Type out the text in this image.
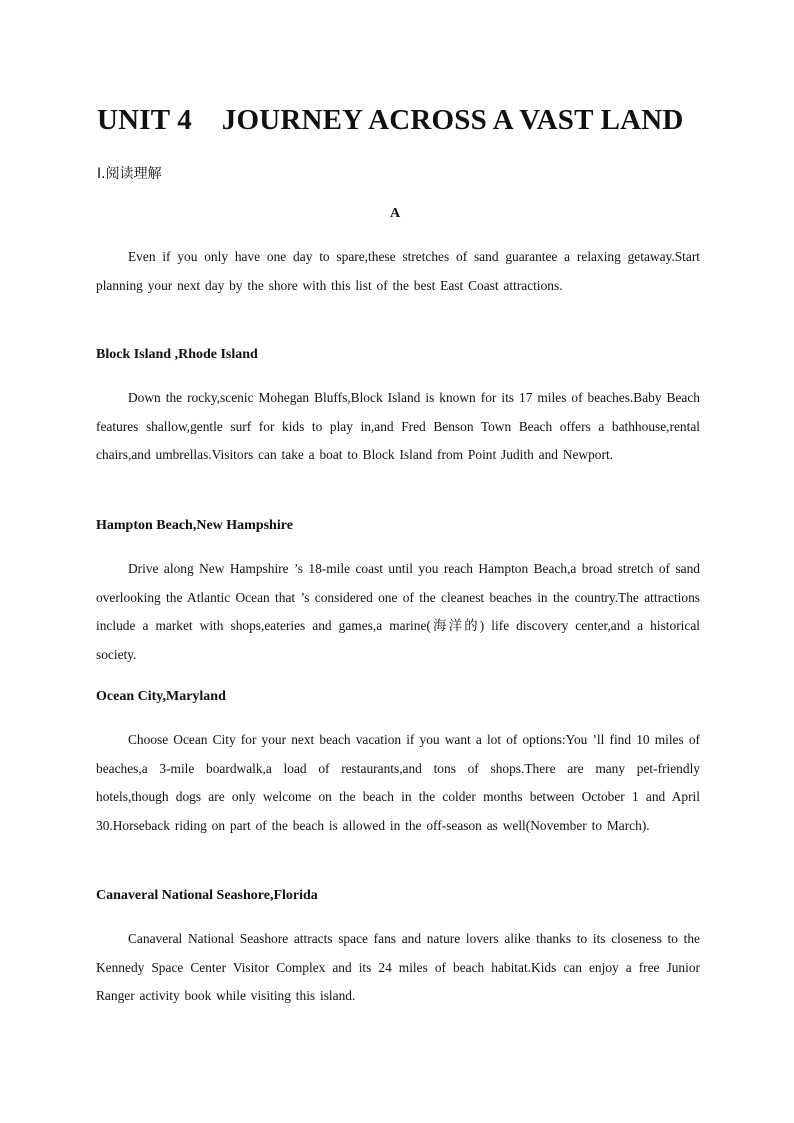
UNIT 4    JOURNEY ACROSS A VAST LAND
Ⅰ.阅读理解
A

Even if you only have one day to spare,these stretches of sand guarantee a relaxing getaway.Start planning your next day by the shore with this list of the best East Coast attractions.

Block Island ,Rhode Island

Down the rocky,scenic Mohegan Bluffs,Block Island is known for its 17 miles of beaches.Baby Beach features shallow,gentle surf for kids to play in,and Fred Benson Town Beach offers a bathhouse,rental chairs,and umbrellas.Visitors can take a boat to Block Island from Point Judith and Newport.

Hampton Beach,New Hampshire

Drive along New Hampshire ’s 18-mile coast until you reach Hampton Beach,a broad stretch of sand overlooking the Atlantic Ocean that ’s considered one of the cleanest beaches in the country.The attractions include a market with shops,eateries and games,a marine(海洋的) life discovery center,and a historical society.

Ocean City,Maryland

Choose Ocean City for your next beach vacation if you want a lot of options:You ’ll find 10 miles of beaches,a 3-mile boardwalk,a load of restaurants,and tons of shops.There are many pet-friendly hotels,though dogs are only welcome on the beach in the colder months between October 1 and April 30.Horseback riding on part of the beach is allowed in the off-season as well(November to March).

Canaveral National Seashore,Florida

Canaveral National Seashore attracts space fans and nature lovers alike thanks to its closeness to the Kennedy Space Center Visitor Complex and its 24 miles of beach habitat.Kids can enjoy a free Junior Ranger activity book while visiting this island.
